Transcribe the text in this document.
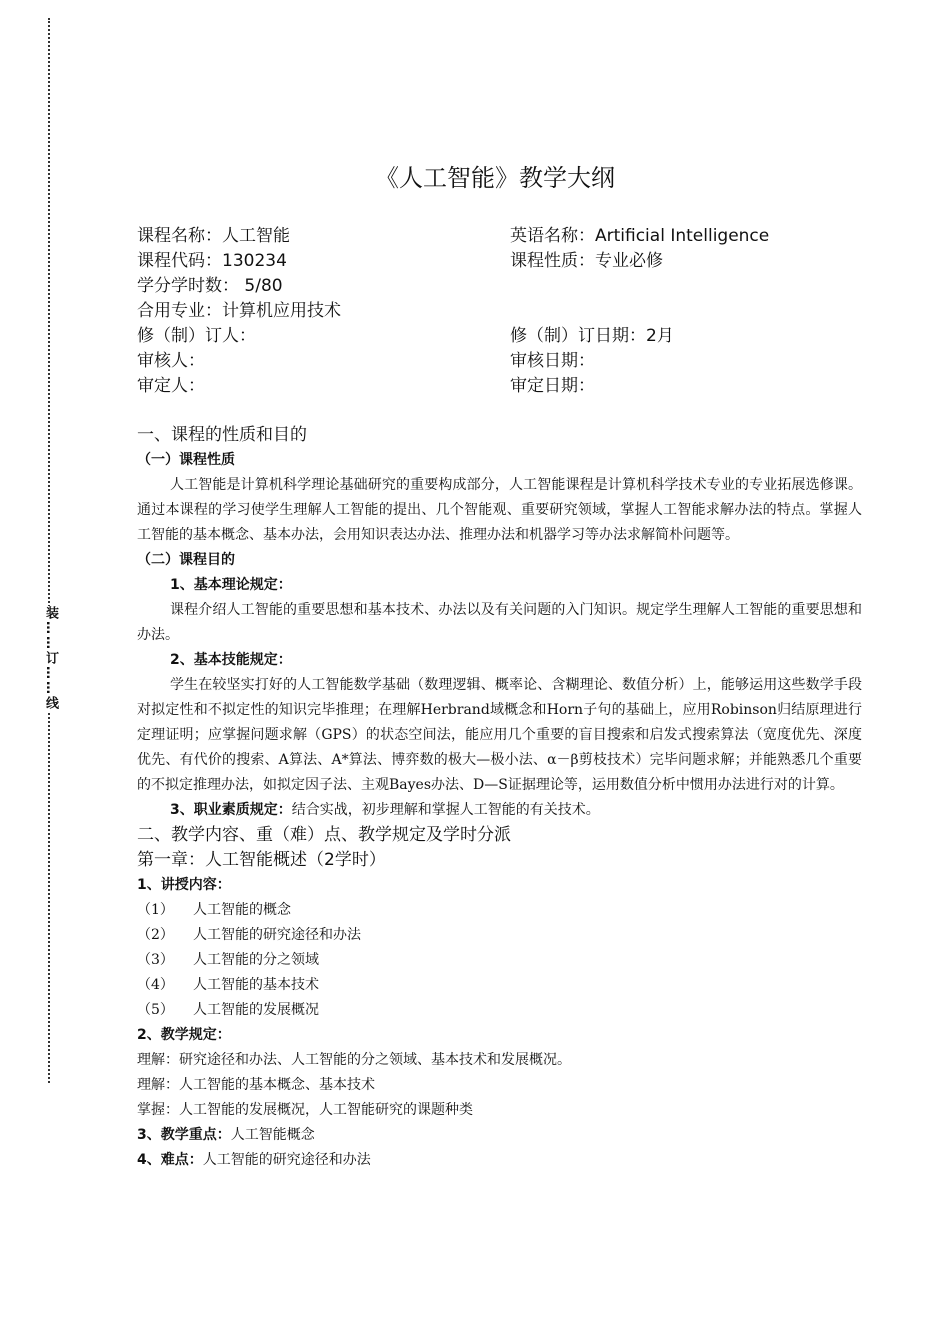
装……订……线
《人工智能》教学大纲
课程名称：人工智能	英语名称：Artificial Intelligence
课程代码：130234	课程性质：专业必修
学分学时数： 5/80
合用专业：计算机应用技术
修（制）订人：	修（制）订日期：2月
审核人：	审核日期：
审定人：	审定日期：
一、课程的性质和目的
（一）课程性质
人工智能是计算机科学理论基础研究的重要构成部分，人工智能课程是计算机科学技术专业的专业拓展选修课。通过本课程的学习使学生理解人工智能的提出、几个智能观、重要研究领域，掌握人工智能求解办法的特点。掌握人工智能的基本概念、基本办法，会用知识表达办法、推理办法和机器学习等办法求解简朴问题等。
（二）课程目的
1、基本理论规定：
课程介绍人工智能的重要思想和基本技术、办法以及有关问题的入门知识。规定学生理解人工智能的重要思想和办法。
2、基本技能规定：
学生在较坚实打好的人工智能数学基础（数理逻辑、概率论、含糊理论、数值分析）上，能够运用这些数学手段对拟定性和不拟定性的知识完毕推理；在理解Herbrand域概念和Horn子句的基础上，应用Robinson归结原理进行定理证明；应掌握问题求解（GPS）的状态空间法，能应用几个重要的盲目搜索和启发式搜索算法（宽度优先、深度优先、有代价的搜索、A算法、A*算法、博弈数的极大—极小法、α－β剪枝技术）完毕问题求解；并能熟悉几个重要的不拟定推理办法，如拟定因子法、主观Bayes办法、D—S证据理论等，运用数值分析中惯用办法进行对的计算。
3、职业素质规定：结合实战，初步理解和掌握人工智能的有关技术。
二、教学内容、重（难）点、教学规定及学时分派
第一章：人工智能概述（2学时）
1、讲授内容：
（1） 人工智能的概念
（2） 人工智能的研究途径和办法
（3） 人工智能的分之领域
（4） 人工智能的基本技术
（5） 人工智能的发展概况
2、教学规定：
理解：研究途径和办法、人工智能的分之领域、基本技术和发展概况。
理解：人工智能的基本概念、基本技术
掌握：人工智能的发展概况，人工智能研究的课题种类
3、教学重点：人工智能概念
4、难点：人工智能的研究途径和办法
